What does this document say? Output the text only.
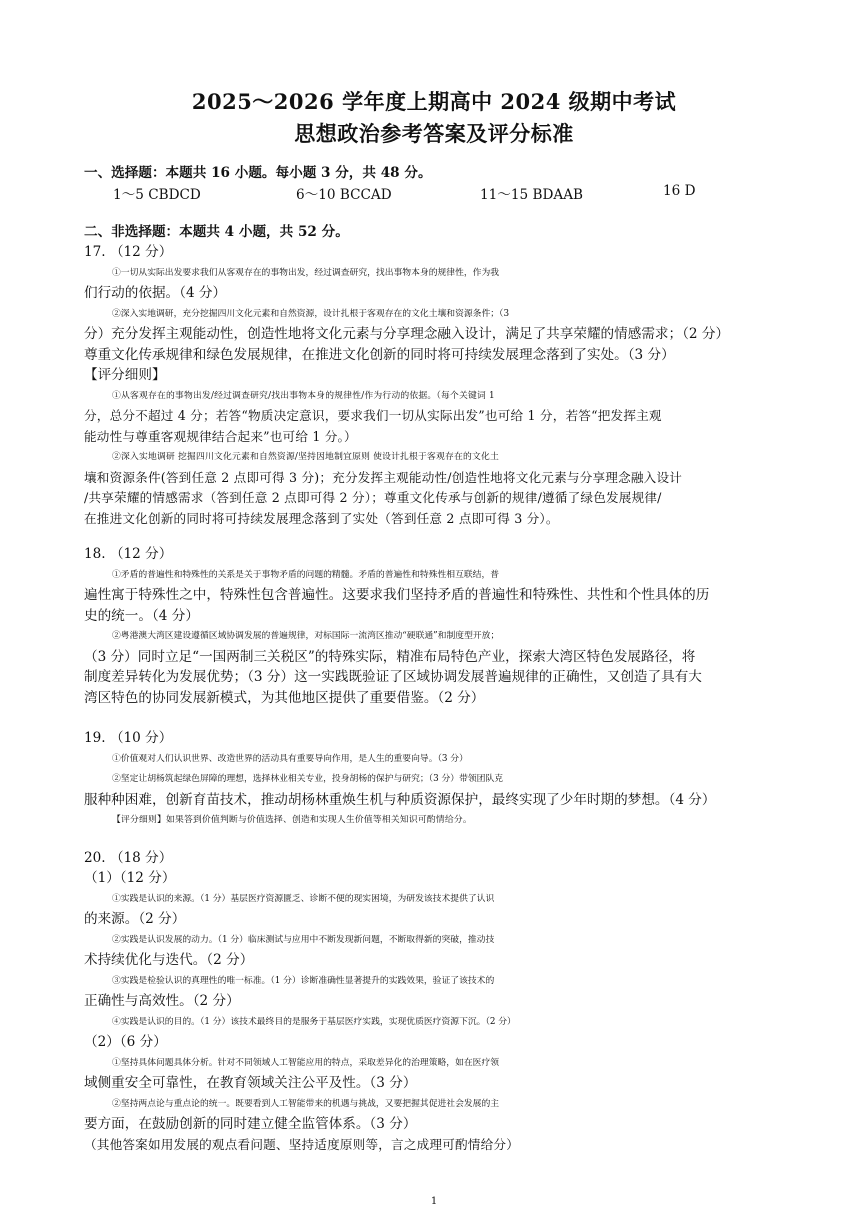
2025～2026 学年度上期高中 2024 级期中考试
思想政治参考答案及评分标准
一、选择题：本题共 16 小题。每小题 3 分，共 48 分。
1～5 CBDCD	6～10 BCCAD	11～15 BDAAB	16 D
二、非选择题：本题共 4 小题，共 52 分。
17. （12 分）
①一切从实际出发要求我们从客观存在的事物出发，经过调查研究，找出事物本身的规律性，作为我
们行动的依据。（4 分）
②深入实地调研，充分挖掘四川文化元素和自然资源，设计扎根于客观存在的文化土壤和资源条件；（3
分）充分发挥主观能动性，创造性地将文化元素与分享理念融入设计，满足了共享荣耀的情感需求；（2 分）
尊重文化传承规律和绿色发展规律，在推进文化创新的同时将可持续发展理念落到了实处。（3 分）
【评分细则】
①从客观存在的事物出发/经过调查研究/找出事物本身的规律性/作为行动的依据。（每个关键词 1
分，总分不超过 4 分；若答“物质决定意识，要求我们一切从实际出发”也可给 1 分，若答“把发挥主观
能动性与尊重客观规律结合起来”也可给 1 分。）
②深入实地调研 挖掘四川文化元素和自然资源/坚持因地制宜原则 使设计扎根于客观存在的文化土
壤和资源条件(答到任意 2 点即可得 3 分)；充分发挥主观能动性/创造性地将文化元素与分享理念融入设计
/共享荣耀的情感需求（答到任意 2 点即可得 2 分）；尊重文化传承与创新的规律/遵循了绿色发展规律/
在推进文化创新的同时将可持续发展理念落到了实处（答到任意 2 点即可得 3 分）。
18. （12 分）
①矛盾的普遍性和特殊性的关系是关于事物矛盾的问题的精髓。矛盾的普遍性和特殊性相互联结，普
遍性寓于特殊性之中，特殊性包含普遍性。这要求我们坚持矛盾的普遍性和特殊性、共性和个性具体的历
史的统一。（4 分）
②粤港澳大湾区建设遵循区域协调发展的普遍规律，对标国际一流湾区推动“硬联通”和制度型开放；
（3 分）同时立足“一国两制三关税区”的特殊实际，精准布局特色产业，探索大湾区特色发展路径，将
制度差异转化为发展优势；（3 分）这一实践既验证了区域协调发展普遍规律的正确性，又创造了具有大
湾区特色的协同发展新模式，为其他地区提供了重要借鉴。（2 分）
19. （10 分）
①价值观对人们认识世界、改造世界的活动具有重要导向作用，是人生的重要向导。（3 分）
②坚定让胡杨筑起绿色屏障的理想，选择林业相关专业，投身胡杨的保护与研究；（3 分）带领团队克
服种种困难，创新育苗技术，推动胡杨林重焕生机与种质资源保护，最终实现了少年时期的梦想。（4 分）
【评分细则】如果答到价值判断与价值选择、创造和实现人生价值等相关知识可酌情给分。
20. （18 分）
（1）（12 分）
①实践是认识的来源。（1 分）基层医疗资源匮乏、诊断不便的现实困境，为研发该技术提供了认识
的来源。（2 分）
②实践是认识发展的动力。（1 分）临床测试与应用中不断发现新问题，不断取得新的突破，推动技
术持续优化与迭代。（2 分）
③实践是检验认识的真理性的唯一标准。（1 分）诊断准确性显著提升的实践效果，验证了该技术的
正确性与高效性。（2 分）
④实践是认识的目的。（1 分）该技术最终目的是服务于基层医疗实践，实现优质医疗资源下沉。（2 分）
（2）（6 分）
①坚持具体问题具体分析。针对不同领域人工智能应用的特点，采取差异化的治理策略，如在医疗领
域侧重安全可靠性，在教育领域关注公平及性。（3 分）
②坚持两点论与重点论的统一。既要看到人工智能带来的机遇与挑战，又要把握其促进社会发展的主
要方面，在鼓励创新的同时建立健全监管体系。（3 分）
（其他答案如用发展的观点看问题、坚持适度原则等，言之成理可酌情给分）
1
